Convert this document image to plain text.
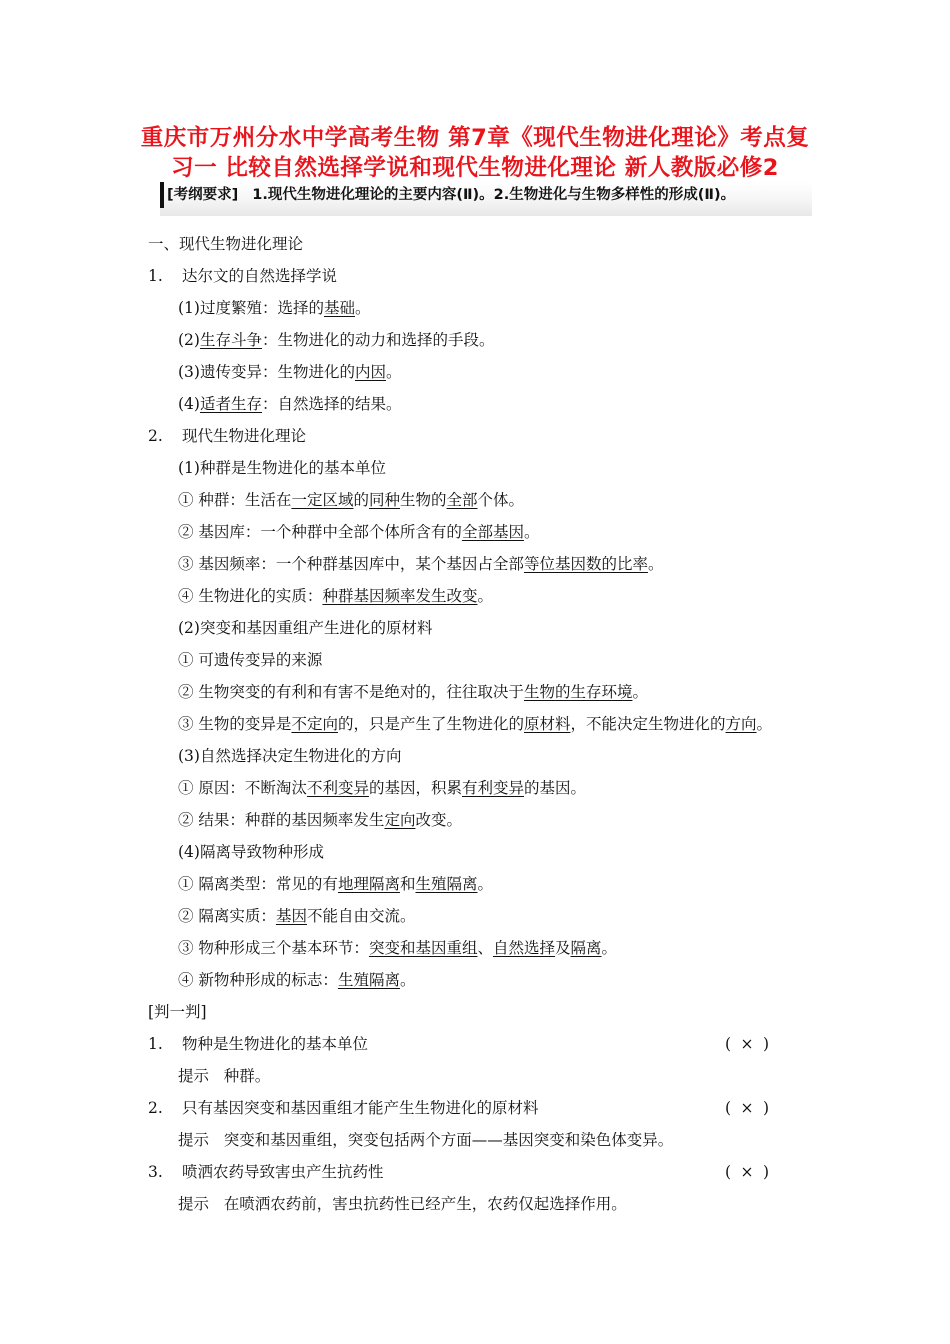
重庆市万州分水中学高考生物 第7章《现代生物进化理论》考点复
习一 比较自然选择学说和现代生物进化理论 新人教版必修2
[考纲要求] 1.现代生物进化理论的主要内容(Ⅱ)。2.生物进化与生物多样性的形成(Ⅱ)。
一、现代生物进化理论
1. 达尔文的自然选择学说
(1)过度繁殖：选择的基础。
(2)生存斗争：生物进化的动力和选择的手段。
(3)遗传变异：生物进化的内因。
(4)适者生存：自然选择的结果。
2. 现代生物进化理论
(1)种群是生物进化的基本单位
① 种群：生活在一定区域的同种生物的全部个体。
② 基因库：一个种群中全部个体所含有的全部基因。
③ 基因频率：一个种群基因库中，某个基因占全部等位基因数的比率。
④ 生物进化的实质：种群基因频率发生改变。
(2)突变和基因重组产生进化的原材料
① 可遗传变异的来源
② 生物突变的有利和有害不是绝对的，往往取决于生物的生存环境。
③ 生物的变异是不定向的，只是产生了生物进化的原材料，不能决定生物进化的方向。
(3)自然选择决定生物进化的方向
① 原因：不断淘汰不利变异的基因，积累有利变异的基因。
② 结果：种群的基因频率发生定向改变。
(4)隔离导致物种形成
① 隔离类型：常见的有地理隔离和生殖隔离。
② 隔离实质：基因不能自由交流。
③ 物种形成三个基本环节：突变和基因重组、自然选择及隔离。
④ 新物种形成的标志：生殖隔离。
[判一判]
1. 物种是生物进化的基本单位	( × )
提示 种群。
2. 只有基因突变和基因重组才能产生生物进化的原材料	( × )
提示 突变和基因重组，突变包括两个方面——基因突变和染色体变异。
3. 喷洒农药导致害虫产生抗药性	( × )
提示 在喷洒农药前，害虫抗药性已经产生，农药仅起选择作用。
